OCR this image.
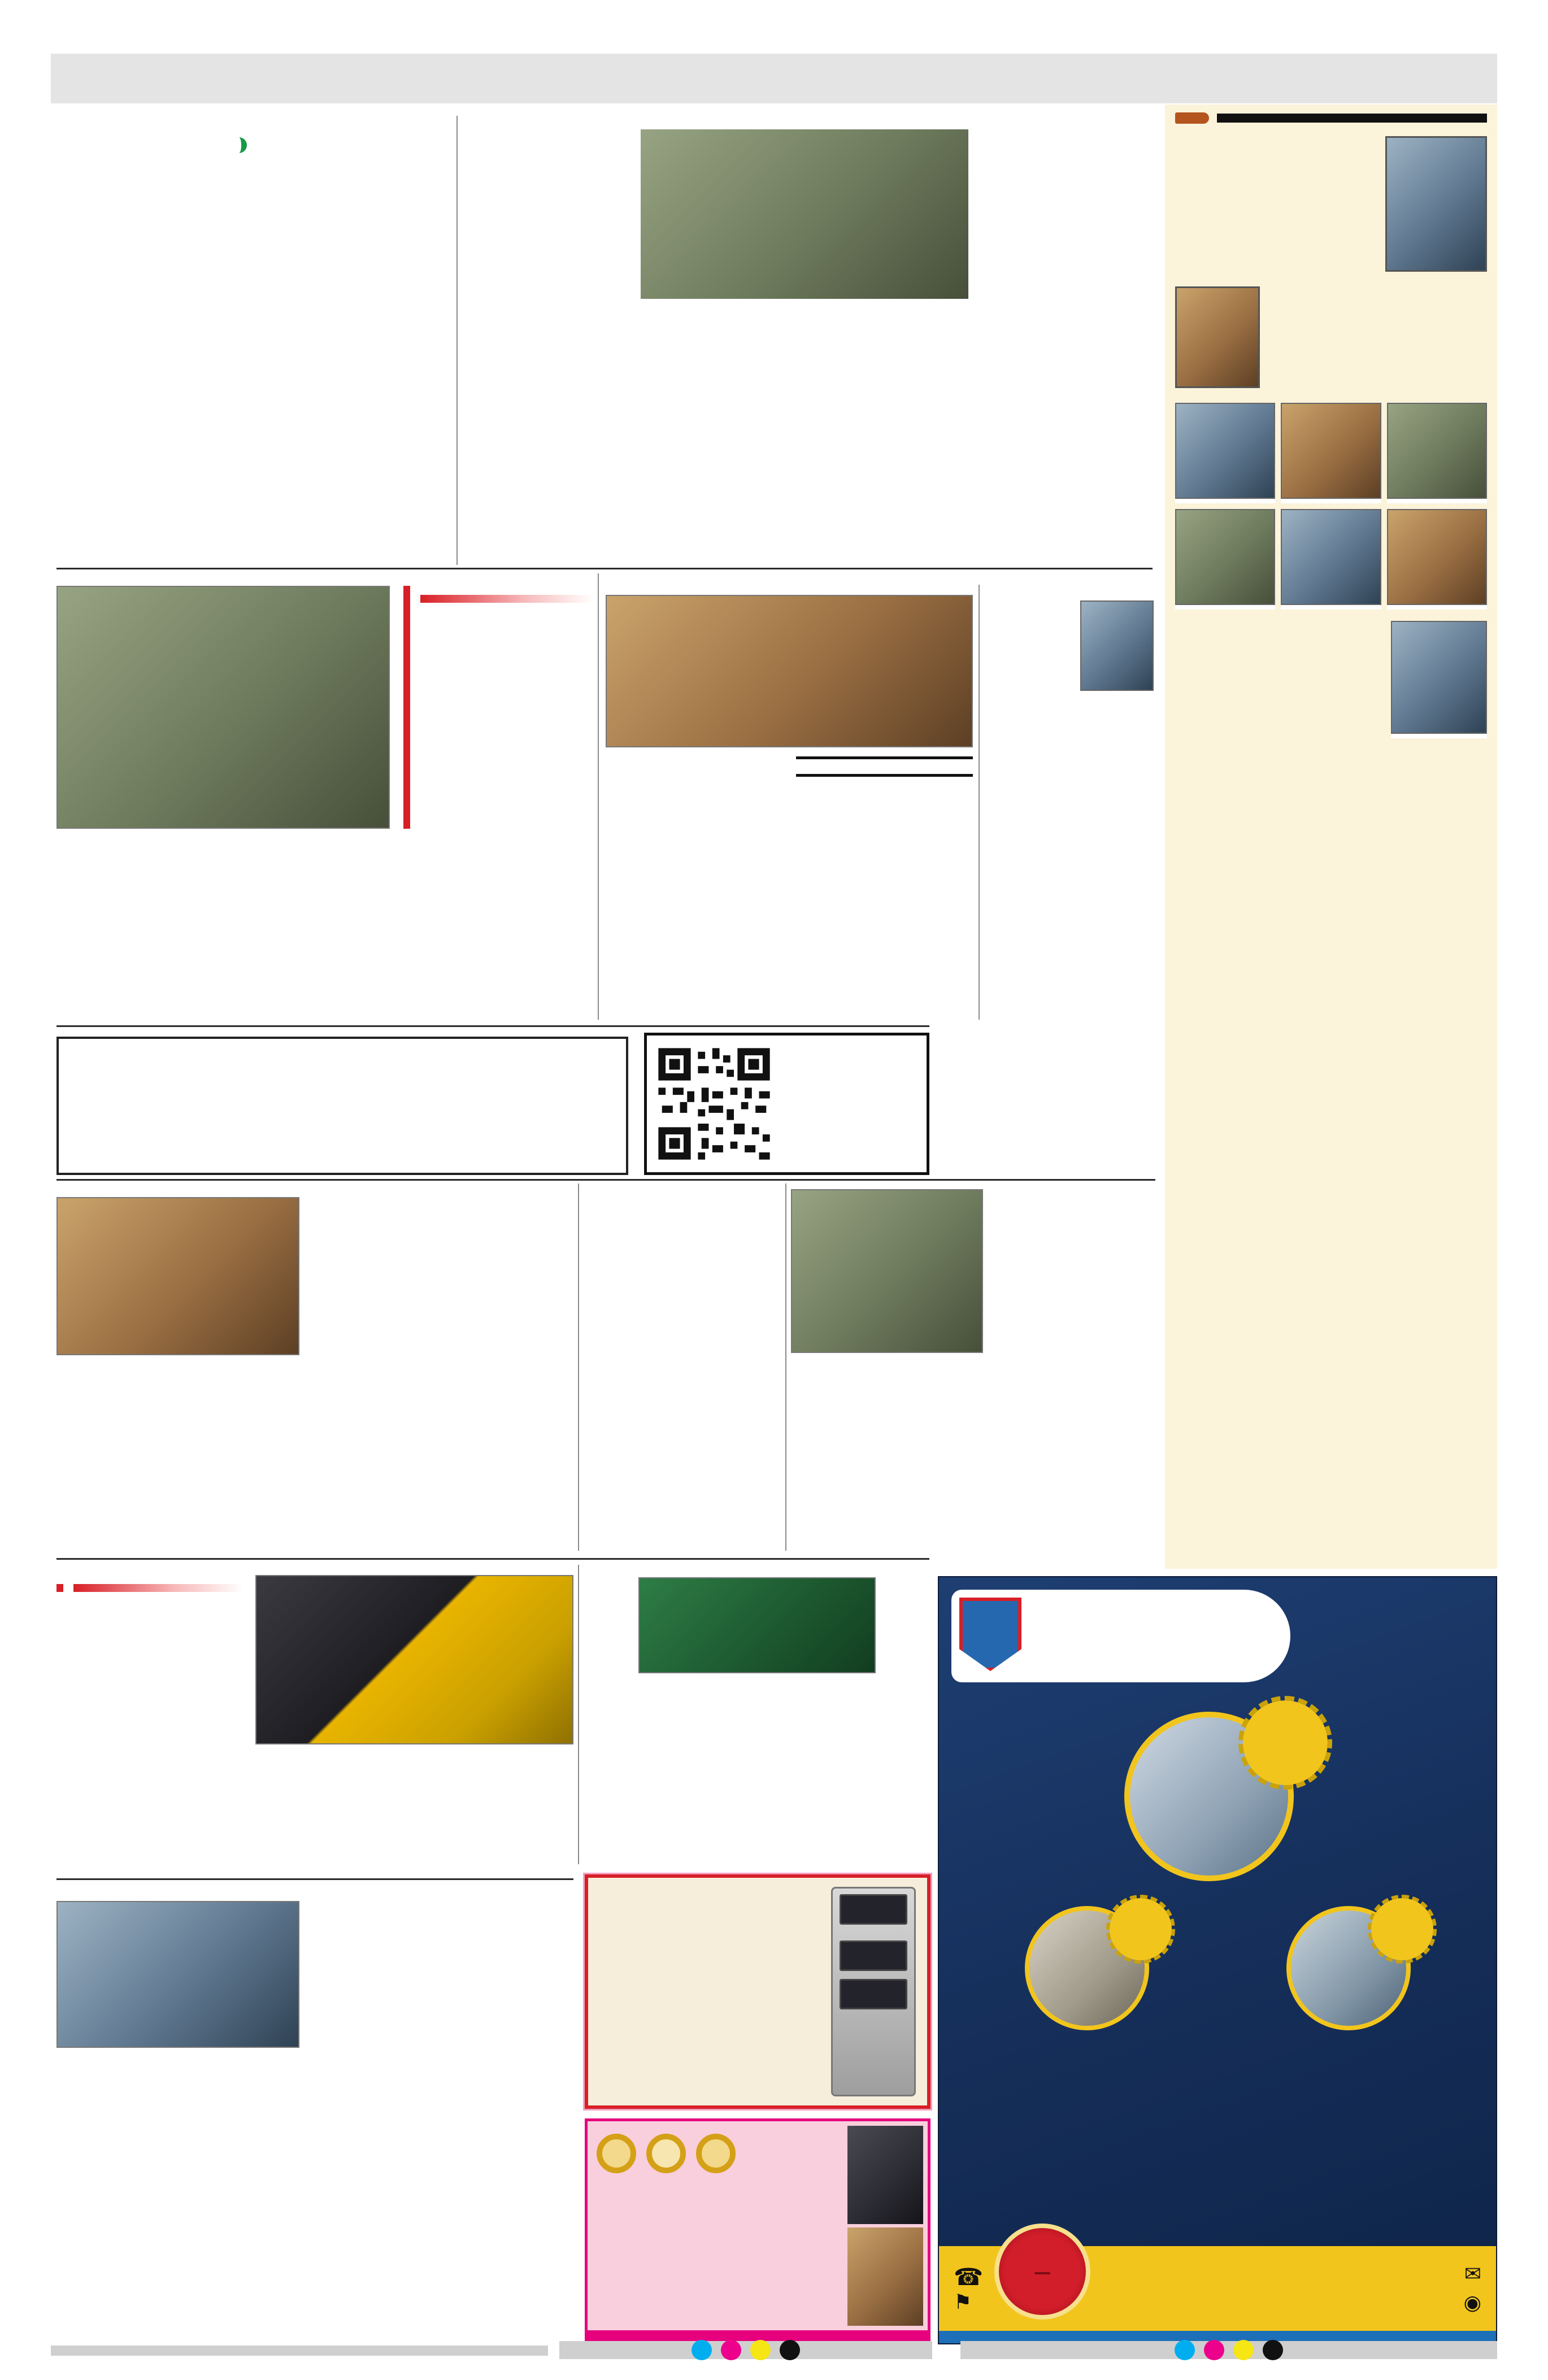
☎
⚑
✉
◉
